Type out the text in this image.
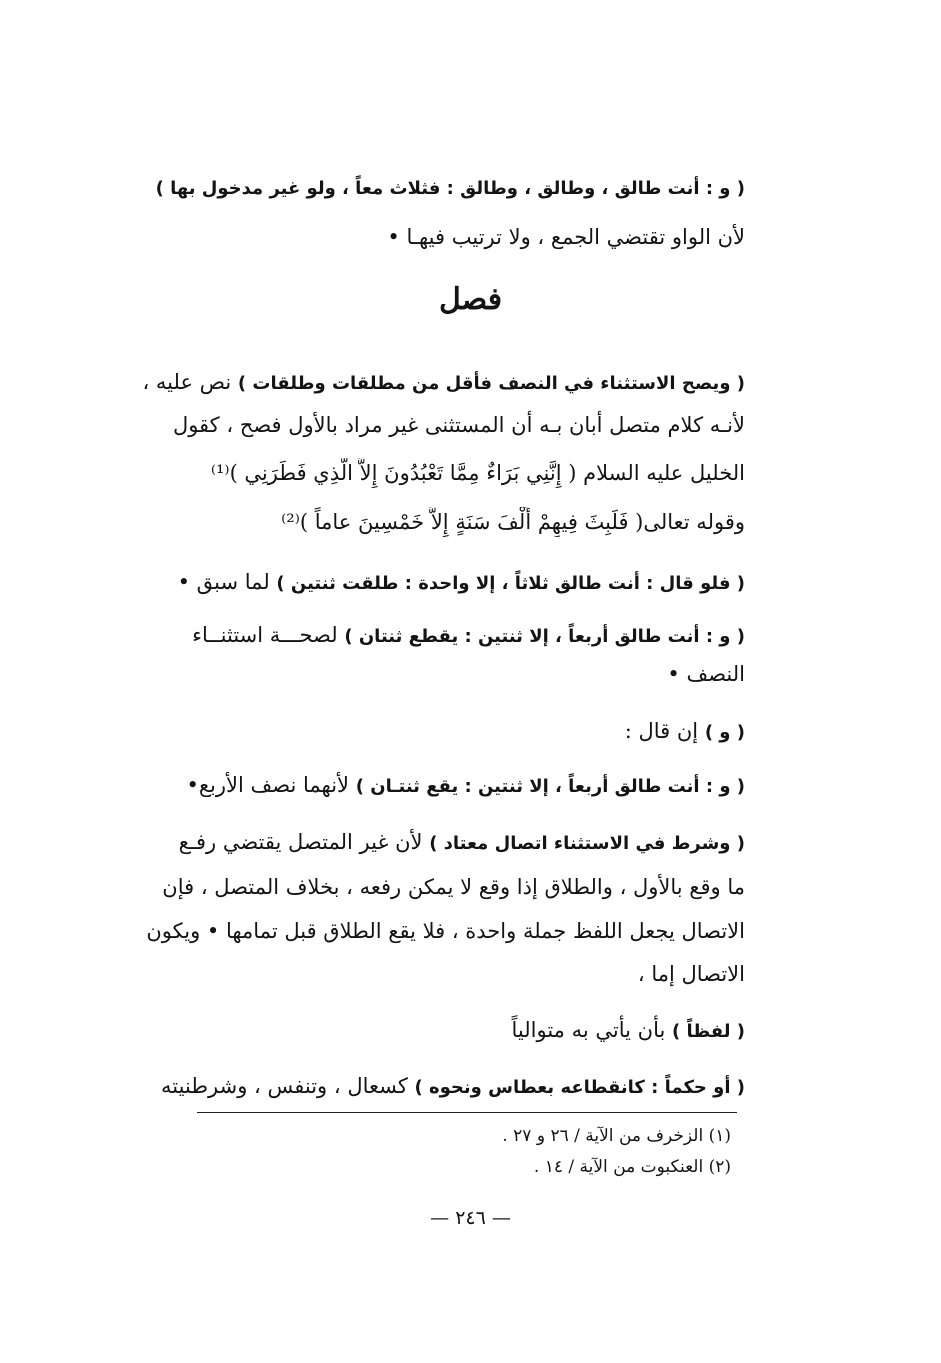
( و : أنت طالق ، وطالق ، وطالق : فثلاث معاً ، ولو غير مدخول بها )
لأن الواو تقتضي الجمع ، ولا ترتيب فيهـا •
فصل
( ويصح الاستثناء في النصف فأقل من مطلقات وطلقات ) نص عليه ،
لأنـه كلام متصل أبان بـه أن المستثنى غير مراد بالأول فصح ، كقول
الخليل عليه السلام ( إِنَّنِي بَرَاءٌ مِمَّا تَعْبُدُونَ إِلاَّ الَّذِي فَطَرَنِي )⁽¹⁾
وقوله تعالى( فَلَبِثَ فِيهِمْ أَلْفَ سَنَةٍ إِلاَّ خَمْسِينَ عاماً )⁽²⁾
( فلو قال : أنت طالق ثلاثاً ، إلا واحدة : طلقت ثنتين ) لما سبق •
( و : أنت طالق أربعاً ، إلا ثنتين : يقطع ثنتان ) لصحـــة استثنــاء
النصف •
( و ) إن قال :
( و : أنت طالق أربعاً ، إلا ثنتين : يقع ثنتـان ) لأنهما نصف الأربع•
( وشرط في الاستثناء اتصال معتاد ) لأن غير المتصل يقتضي رفـع
ما وقع بالأول ، والطلاق إذا وقع لا يمكن رفعه ، بخلاف المتصل ، فإن
الاتصال يجعل اللفظ جملة واحدة ، فلا يقع الطلاق قبل تمامها • ويكون
الاتصال إما ،
( لفظاً ) بأن يأتي به متوالياً
( أو حكماً : كانقطاعه بعطاس ونحوه ) كسعال ، وتنفس ، وشرطنيته
(١) الزخرف من الآية / ٢٦ و ٢٧ .
(٢) العنكبوت من الآية / ١٤ .
— ٢٤٦ —
